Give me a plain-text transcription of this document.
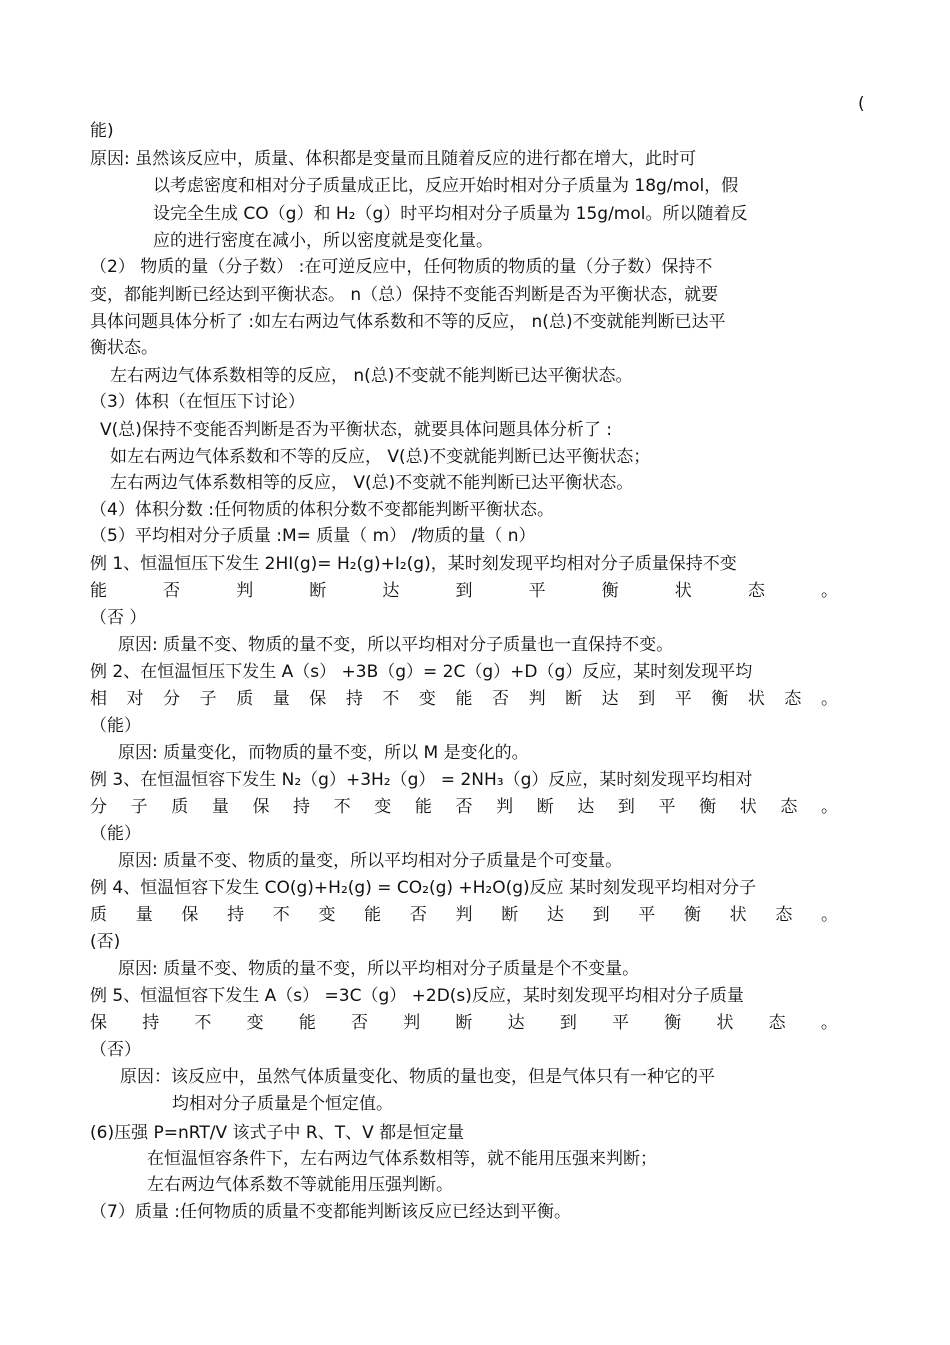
(

能)

原因: 虽然该反应中，质量、体积都是变量而且随着反应的进行都在增大，此时可

以考虑密度和相对分子质量成正比，反应开始时相对分子质量为 18g/mol，假

设完全生成 CO（g）和 H₂（g）时平均相对分子质量为 15g/mol。所以随着反

应的进行密度在减小，所以密度就是变化量。

（2） 物质的量（分子数） :在可逆反应中，任何物质的物质的量（分子数）保持不

变，都能判断已经达到平衡状态。 n（总）保持不变能否判断是否为平衡状态，就要

具体问题具体分析了 :如左右两边气体系数和不等的反应， n(总)不变就能判断已达平

衡状态。

左右两边气体系数相等的反应， n(总)不变就不能判断已达平衡状态。

（3）体积（在恒压下讨论）

V(总)保持不变能否判断是否为平衡状态，就要具体问题具体分析了 :

如左右两边气体系数和不等的反应， V(总)不变就能判断已达平衡状态；

左右两边气体系数相等的反应， V(总)不变就不能判断已达平衡状态。

（4）体积分数 :任何物质的体积分数不变都能判断平衡状态。

（5）平均相对分子质量 :M= 质量（ m） /物质的量（ n）

例 1、恒温恒压下发生 2HI(g)= H₂(g)+I₂(g)，某时刻发现平均相对分子质量保持不变

能	否	判	断	达	到	平	衡	状	态	。

（否 ）

原因: 质量不变、物质的量不变，所以平均相对分子质量也一直保持不变。

例 2、在恒温恒压下发生 A（s） +3B（g）= 2C（g）+D（g）反应，某时刻发现平均

相 对 分 子 质 量 保 持 不 变 能 否 判 断 达 到 平 衡 状 态 。

（能）

原因: 质量变化，而物质的量不变，所以 M 是变化的。

例 3、在恒温恒容下发生 N₂（g）+3H₂（g） = 2NH₃（g）反应，某时刻发现平均相对

分 子 质 量 保 持 不 变 能 否 判 断 达 到 平 衡 状 态 。

（能）

原因: 质量不变、物质的量变，所以平均相对分子质量是个可变量。

例 4、恒温恒容下发生 CO(g)+H₂(g) = CO₂(g) +H₂O(g)反应 某时刻发现平均相对分子

质 量 保 持 不 变 能 否 判 断 达 到 平 衡 状 态 。

(否)

原因: 质量不变、物质的量不变，所以平均相对分子质量是个不变量。

例 5、恒温恒容下发生 A（s） =3C（g） +2D(s)反应，某时刻发现平均相对分子质量

保 持 不 变 能 否 判 断 达 到 平 衡 状 态 。

（否）

原因：该反应中，虽然气体质量变化、物质的量也变，但是气体只有一种它的平

均相对分子质量是个恒定值。

(6)压强 P=nRT/V 该式子中 R、T、V 都是恒定量

在恒温恒容条件下，左右两边气体系数相等，就不能用压强来判断；

左右两边气体系数不等就能用压强判断。

（7）质量 :任何物质的质量不变都能判断该反应已经达到平衡。
